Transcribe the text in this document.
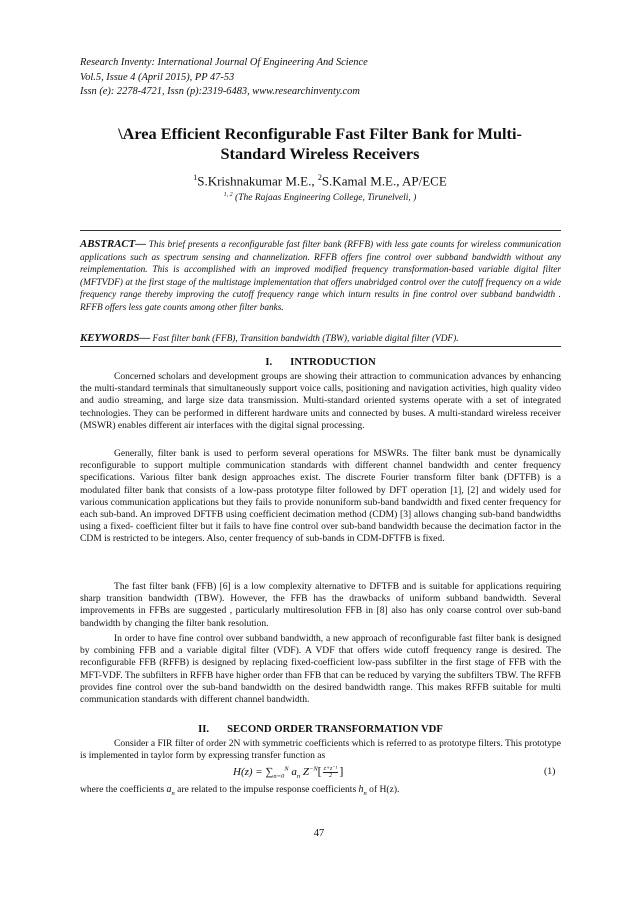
Research Inventy: International Journal Of Engineering And Science
Vol.5, Issue 4 (April 2015), PP 47-53
Issn (e): 2278-4721, Issn (p):2319-6483, www.researchinventy.com
\Area Efficient Reconfigurable Fast Filter Bank for Multi-
Standard Wireless Receivers
$^1$S.Krishnakumar M.E., $^2$S.Kamal M.E., AP/ECE
$^{1, 2}$ (The Rajaas Engineering College, Tirunelveli, )
ABSTRACT— This brief presents a reconfigurable fast filter bank (RFFB) with less gate counts for wireless communication applications such as spectrum sensing and channelization. RFFB offers fine control over subband bandwidth without any reimplementation. This is accomplished with an improved modified frequency transformation-based variable digital filter (MFTVDF) at the first stage of the multistage implementation that offers unabridged control over the cutoff frequency on a wide frequency range thereby improving the cutoff frequency range which inturn results in fine control over subband bandwidth . RFFB offers less gate counts among other filter banks.
KEYWORDS— Fast filter bank (FFB), Transition bandwidth (TBW), variable digital filter (VDF).
I. INTRODUCTION

Concerned scholars and development groups are showing their attraction to communication advances by enhancing the multi-standard terminals that simultaneously support voice calls, positioning and navigation activities, high quality video and audio streaming, and large size data transmission. Multi-standard oriented systems operate with a set of integrated technologies. They can be performed in different hardware units and connected by buses. A multi-standard wireless receiver (MSWR) enables different air interfaces with the digital signal processing.

Generally, filter bank is used to perform several operations for MSWRs. The filter bank must be dynamically reconfigurable to support multiple communication standards with different channel bandwidth and center frequency specifications. Various filter bank design approaches exist. The discrete Fourier transform filter bank (DFTFB) is a modulated filter bank that consists of a low-pass prototype filter followed by DFT operation [1], [2] and widely used for various communication applications but they fails to provide nonuniform sub-band bandwidth and fixed center frequency for each sub-band. An improved DFTFB using coefficient decimation method (CDM) [3] allows changing sub-band bandwidths using a fixed- coefficient filter but it fails to have fine control over sub-band bandwidth because the decimation factor in the CDM is restricted to be integers. Also, center frequency of sub-bands in CDM-DFTFB is fixed.

The fast filter bank (FFB) [6] is a low complexity alternative to DFTFB and is suitable for applications requiring sharp transition bandwidth (TBW). However, the FFB has the drawbacks of uniform subband bandwidth. Several improvements in FFBs are suggested , particularly multiresolution FFB in [8] also has only coarse control over sub-band bandwidth by changing the filter bank resolution.

In order to have fine control over subband bandwidth, a new approach of reconfigurable fast filter bank is designed by combining FFB and a variable digital filter (VDF). A VDF that offers wide cutoff frequency range is desired. The reconfigurable FFB (RFFB) is designed by replacing fixed-coefficient low-pass subfilter in the first stage of FFB with the MFT-VDF. The subfilters in RFFB have higher order than FFB that can be reduced by varying the subfilters TBW. The RFFB provides fine control over the sub-band bandwidth on the desired bandwidth range. This makes RFFB suitable for multi communication standards with different channel bandwidth.

II. SECOND ORDER TRANSFORMATION VDF

Consider a FIR filter of order 2N with symmetric coefficients which is referred to as prototype filters. This prototype is implemented in taylor form by expressing transfer function as

$H(z) = \sum_{n=0}^N$ $a_n$ $Z^{-N}[ \frac{\text{z+z⁻¹}}{2}$ ]	(1)
where the coefficients $a_n$ are related to the impulse response coefficients $h_n$ of H(z).
47
